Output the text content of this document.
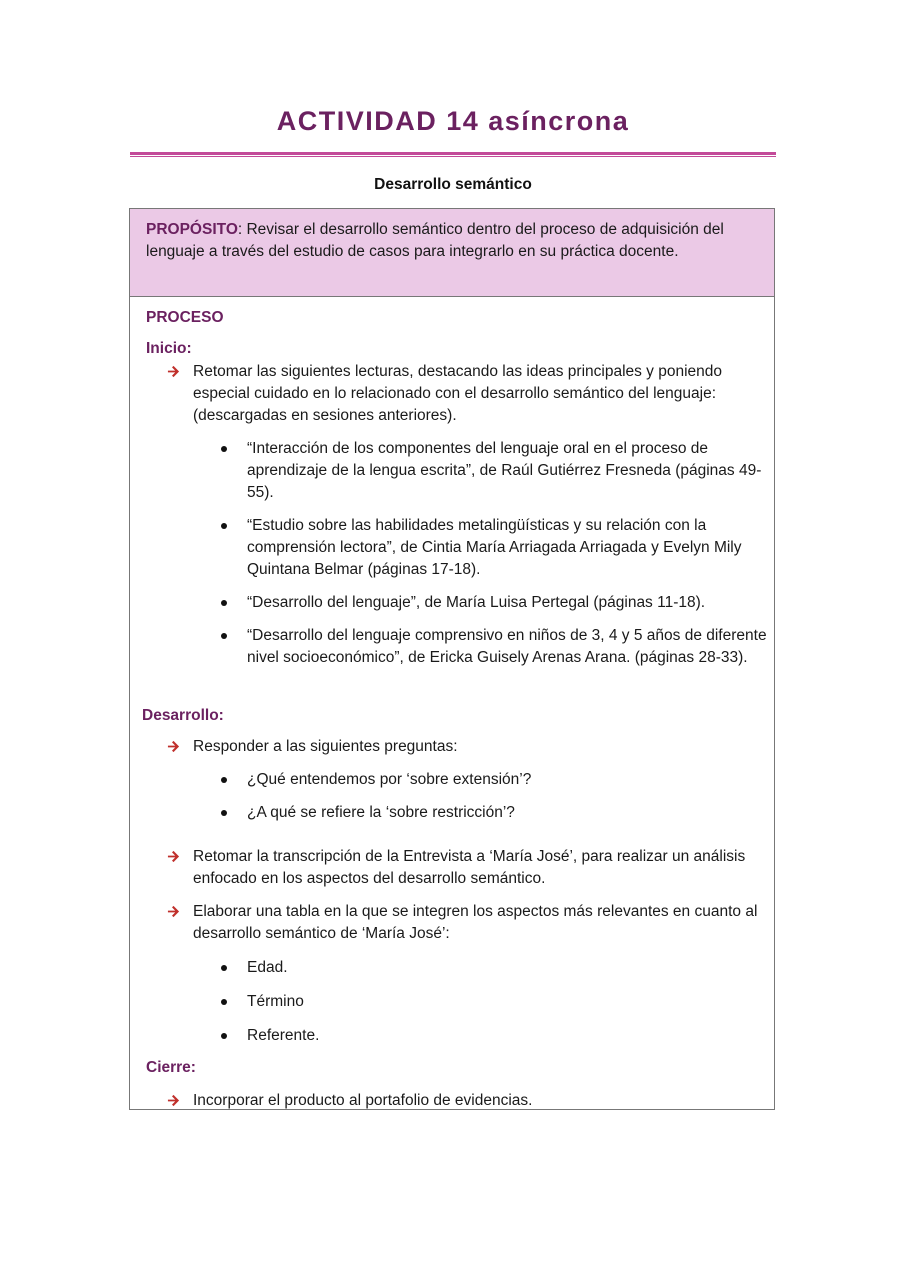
ACTIVIDAD 14 asíncrona
Desarrollo semántico
PROPÓSITO: Revisar el desarrollo semántico dentro del proceso de adquisición del lenguaje a través del estudio de casos para integrarlo en su práctica docente.
PROCESO
Inicio:
Retomar las siguientes lecturas, destacando las ideas principales y poniendo especial cuidado en lo relacionado con el desarrollo semántico del lenguaje: (descargadas en sesiones anteriores).
“Interacción de los componentes del lenguaje oral en el proceso de aprendizaje de la lengua escrita”, de Raúl Gutiérrez Fresneda (páginas 49-55).
“Estudio sobre las habilidades metalingüísticas y su relación con la comprensión lectora”, de Cintia María Arriagada Arriagada y Evelyn Mily Quintana Belmar (páginas 17-18).
“Desarrollo del lenguaje”, de María Luisa Pertegal (páginas 11-18).
“Desarrollo del lenguaje comprensivo en niños de 3, 4 y 5 años de diferente nivel socioeconómico”, de Ericka Guisely Arenas Arana. (páginas 28-33).
Desarrollo:
Responder a las siguientes preguntas:
¿Qué entendemos por ‘sobre extensión’?
¿A qué se refiere la ‘sobre restricción’?
Retomar la transcripción de la Entrevista a ‘María José’, para realizar un análisis enfocado en los aspectos del desarrollo semántico.
Elaborar una tabla en la que se integren los aspectos más relevantes en cuanto al desarrollo semántico de ‘María José’:
Edad.
Término
Referente.
Cierre:
Incorporar el producto al portafolio de evidencias.
